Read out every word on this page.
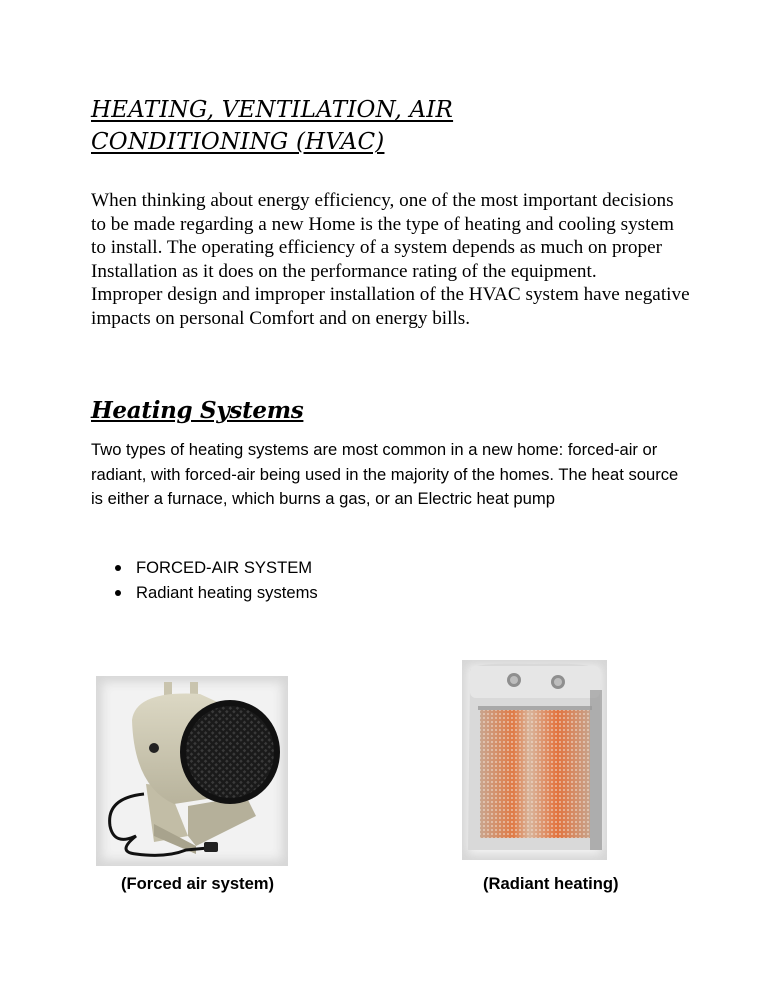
HEATING, VENTILATION, AIR
CONDITIONING (HVAC)

When thinking about energy efficiency, one of the most important decisions to be made regarding a new Home is the type of heating and cooling system to install. The operating efficiency of a system depends as much on proper Installation as it does on the performance rating of the equipment.

Improper design and improper installation of the HVAC system have negative impacts on personal Comfort and on energy bills.

Heating Systems

Two types of heating systems are most common in a new home: forced-air or radiant, with forced-air being used in the majority of the homes. The heat source is either a furnace, which burns a gas, or an Electric heat pump

FORCED-AIR SYSTEM
Radiant heating systems
(Forced air system)	(Radiant heating)
